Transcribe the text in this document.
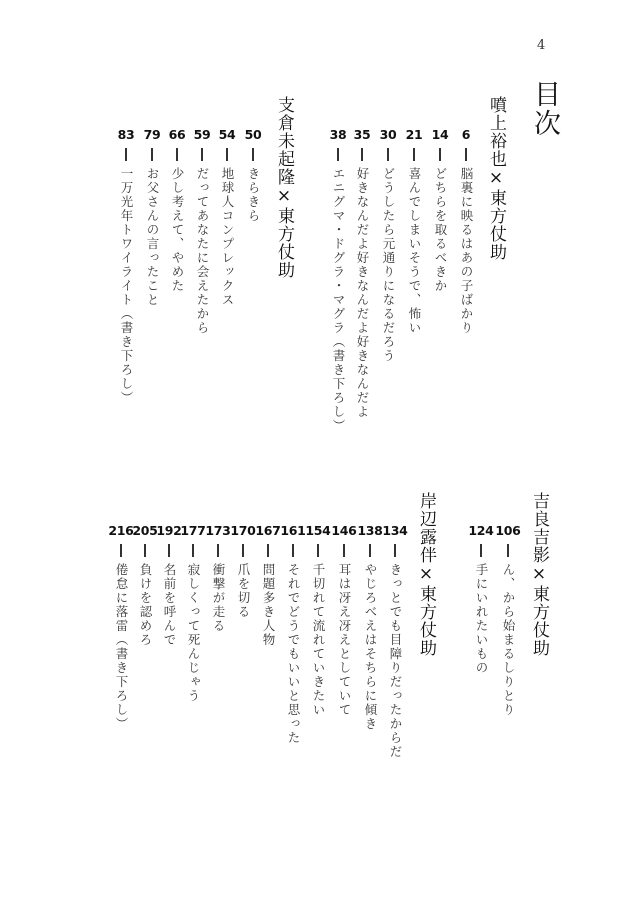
4
目次
噴上裕也×東方仗助
6
脳裏に映るはあの子ばかり
14
どちらを取るべきか
21
喜んでしまいそうで、怖い
30
どうしたら元通りになるだろう
35
好きなんだよ好きなんだよ好きなんだよ
38
エニグマ・ドグラ・マグラ（書き下ろし）
支倉未起隆×東方仗助
50
きらきら
54
地球人コンプレックス
59
だってあなたに会えたから
66
少し考えて、やめた
79
お父さんの言ったこと
83
一万光年トワイライト（書き下ろし）
吉良吉影×東方仗助
106
ん、から始まるしりとり
124
手にいれたいもの
岸辺露伴×東方仗助
134
きっとでも目障りだったからだ
138
やじろべえはそちらに傾き
146
耳は冴え冴えとしていて
154
千切れて流れていきたい
161
それでどうでもいいと思った
167
問題多き人物
170
爪を切る
173
衝撃が走る
177
寂しくって死んじゃう
192
名前を呼んで
205
負けを認めろ
216
倦怠に落雷（書き下ろし）
